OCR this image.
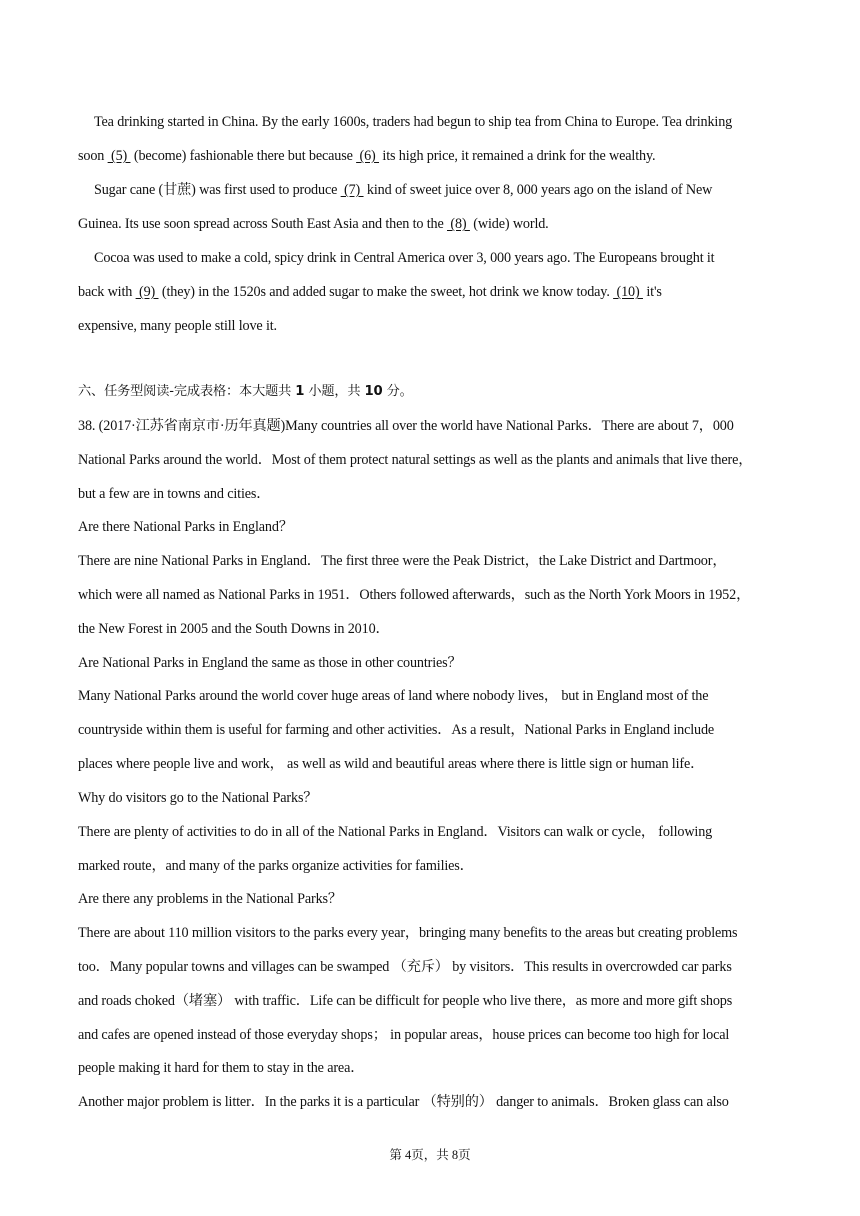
Tea drinking started in China. By the early 1600s, traders had begun to ship tea from China to Europe. Tea drinking
soon  (5)  (become) fashionable there but because  (6)  its high price, it remained a drink for the wealthy.
Sugar cane (甘蔗) was first used to produce  (7)  kind of sweet juice over 8, 000 years ago on the island of New
Guinea. Its use soon spread across South East Asia and then to the  (8)  (wide) world.
Cocoa was used to make a cold, spicy drink in Central America over 3, 000 years ago. The Europeans brought it
back with  (9)  (they) in the 1520s and added sugar to make the sweet, hot drink we know today.  (10)  it's
expensive, many people still love it.
六、任务型阅读-完成表格：本大题共 1 小题，共 10 分。
38. (2017·江苏省南京市·历年真题)Many countries all over the world have National Parks．There are about 7，000
National Parks around the world．Most of them protect natural settings as well as the plants and animals that live there，
but a few are in towns and cities．
Are there National Parks in England？
There are nine National Parks in England．The first three were the Peak District，the Lake District and Dartmoor，
which were all named as National Parks in 1951．Others followed afterwards，such as the North York Moors in 1952，
the New Forest in 2005 and the South Downs in 2010．
Are National Parks in England the same as those in other countries？
Many National Parks around the world cover huge areas of land where nobody lives， but in England most of the
countryside within them is useful for farming and other activities．As a result，National Parks in England include
places where people live and work， as well as wild and beautiful areas where there is little sign or human life．
Why do visitors go to the National Parks？
There are plenty of activities to do in all of the National Parks in England．Visitors can walk or cycle， following
marked route，and many of the parks organize activities for families．
Are there any problems in the National Parks？
There are about 110 million visitors to the parks every year，bringing many benefits to the areas but creating problems
too．Many popular towns and villages can be swamped （充斥） by visitors．This results in overcrowded car parks
and roads choked（堵塞） with traffic．Life can be difficult for people who live there，as more and more gift shops
and cafes are opened instead of those everyday shops； in popular areas，house prices can become too high for local
people making it hard for them to stay in the area．
Another major problem is litter．In the parks it is a particular （特别的） danger to animals．Broken glass can also
第 4页，共 8页
